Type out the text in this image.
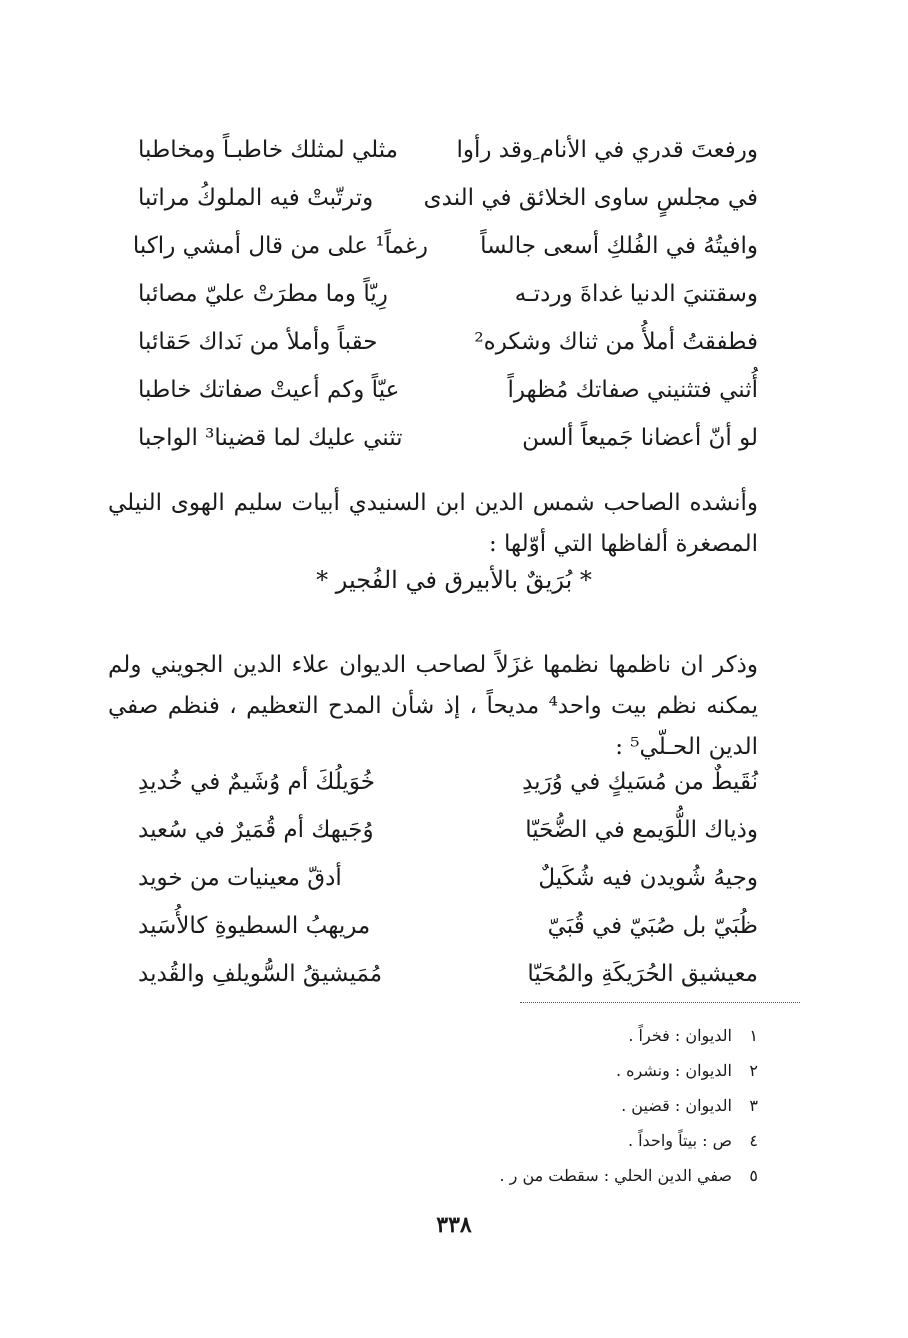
ورفعتَ قدري في الأنام ِوقد رأوا
مثلي لمثلك خاطبـاً ومخاطبا
في مجلسٍ ساوى الخلائق في الندى
وترتّبتْ فيه الملوكُ مراتبا
وافيتُهُ في الفُلكِ أسعى جالساً
رغماً¹ على من قال أمشي راكبا
وسقتنيَ الدنيا غداةَ وردتـه
رِيّاً وما مطرَتْ عليّ مصائبا
فطفقتُ أملأُ من ثناك وشكره²
حقباً وأملأ من نَداك حَقائبا
أُثني فتثنيني صفاتك مُظهراً
عيّاً وكم أعيتْ صفاتك خاطبا
لو أنّ أعضانا جَميعاً ألسن
تثني عليك لما قضينا³ الواجبا

وأنشده الصاحب شمس الدين ابن السنيدي أبيات سليم الهوى النيلي المصغرة ألفاظها التي أوّلها :

* بُرَيقٌ بالأبيرق في الفُجير *

وذكر ان ناظمها نظمها غزَلاً لصاحب الديوان علاء الدين الجويني ولم يمكنه نظم بيت واحد⁴ مديحاً ، إذ شأن المدح التعظيم ، فنظم صفي الدين الحـلّي⁵ :

نُقَيطٌ من مُسَيكٍ في وُرَيدِ
خُوَيلُكَ أم وُشَيمٌ في خُديدِ
وذياك اللُّوَيمع في الضُّحَيّا
وُجَيهك أم قُمَيرٌ في سُعيد
وجيهُ شُويدن فيه شُكَيلٌ
أدقّ معينيات من خويد
ظُبَيّ بل صُبَيّ في قُبَيّ
مريهبُ السطيوةِ كالأُسَيد
معيشيق الحُرَيكَةِ والمُحَيّا
مُمَيشيقُ السُّويلفِ والقُديد
١
الديوان : فخراً .
٢
الديوان : ونشره .
٣
الديوان : قضين .
٤
ص : بيتاً واحداً .
٥
صفي الدين الحلي : سقطت من ر .
٣٣٨
